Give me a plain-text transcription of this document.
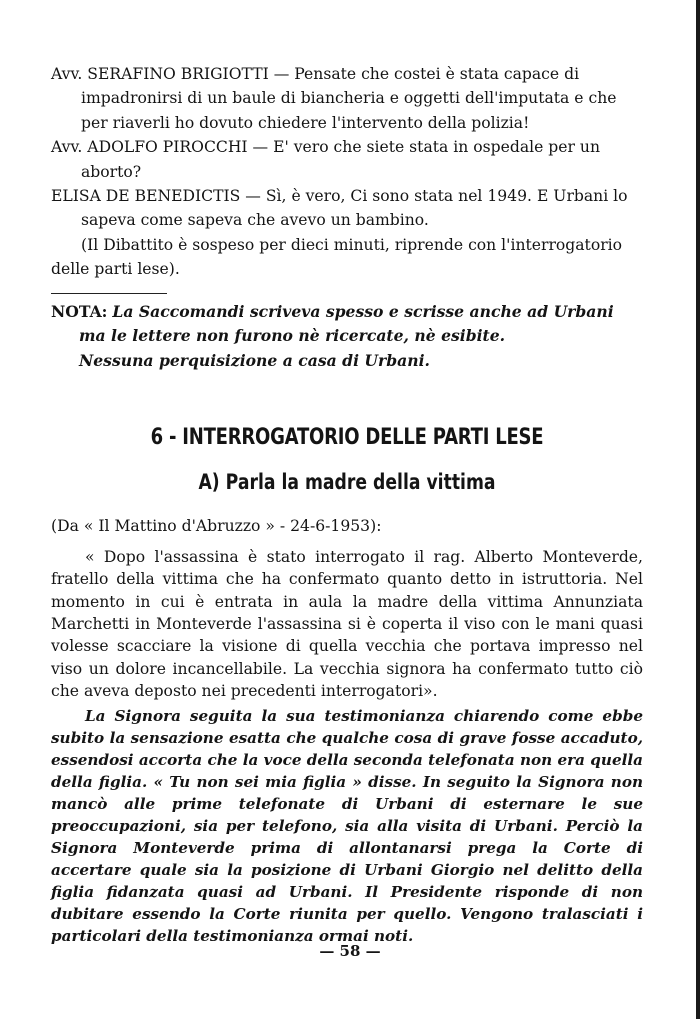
Avv. SERAFINO BRIGIOTTI — Pensate che costei è stata capace di impadronirsi di un baule di biancheria e oggetti dell'imputata e che per riaverli ho dovuto chiedere l'intervento della polizia!

Avv. ADOLFO PIROCCHI — E' vero che siete stata in ospedale per un aborto?

ELISA DE BENEDICTIS — Sì, è vero, Ci sono stata nel 1949. E Urbani lo sapeva come sapeva che avevo un bambino.

(Il Dibattito è sospeso per dieci minuti, riprende con l'interrogatorio delle parti lese).

NOTA: La Saccomandi scriveva spesso e scrisse anche ad Urbani ma le lettere non furono nè ricercate, nè esibite.
Nessuna perquisizione a casa di Urbani.
6 - INTERROGATORIO DELLE PARTI LESE
A) Parla la madre della vittima

(Da « Il Mattino d'Abruzzo » - 24-6-1953):

« Dopo l'assassina è stato interrogato il rag. Alberto Monteverde, fratello della vittima che ha confermato quanto detto in istruttoria. Nel momento in cui è entrata in aula la madre della vittima Annunziata Marchetti in Monteverde l'assassina si è coperta il viso con le mani quasi volesse scacciare la visione di quella vecchia che portava impresso nel viso un dolore incancellabile. La vecchia signora ha confermato tutto ciò che aveva deposto nei precedenti interrogatori».

La Signora seguita la sua testimonianza chiarendo come ebbe subito la sensazione esatta che qualche cosa di grave fosse accaduto, essendosi accorta che la voce della seconda telefonata non era quella della figlia. « Tu non sei mia figlia » disse. In seguito la Signora non mancò alle prime telefonate di Urbani di esternare le sue preoccupazioni, sia per telefono, sia alla visita di Urbani. Perciò la Signora Monteverde prima di allontanarsi prega la Corte di accertare quale sia la posizione di Urbani Giorgio nel delitto della figlia fidanzata quasi ad Urbani. Il Presidente risponde di non dubitare essendo la Corte riunita per quello. Vengono tralasciati i particolari della testimonianza ormai noti.

— 58 —
